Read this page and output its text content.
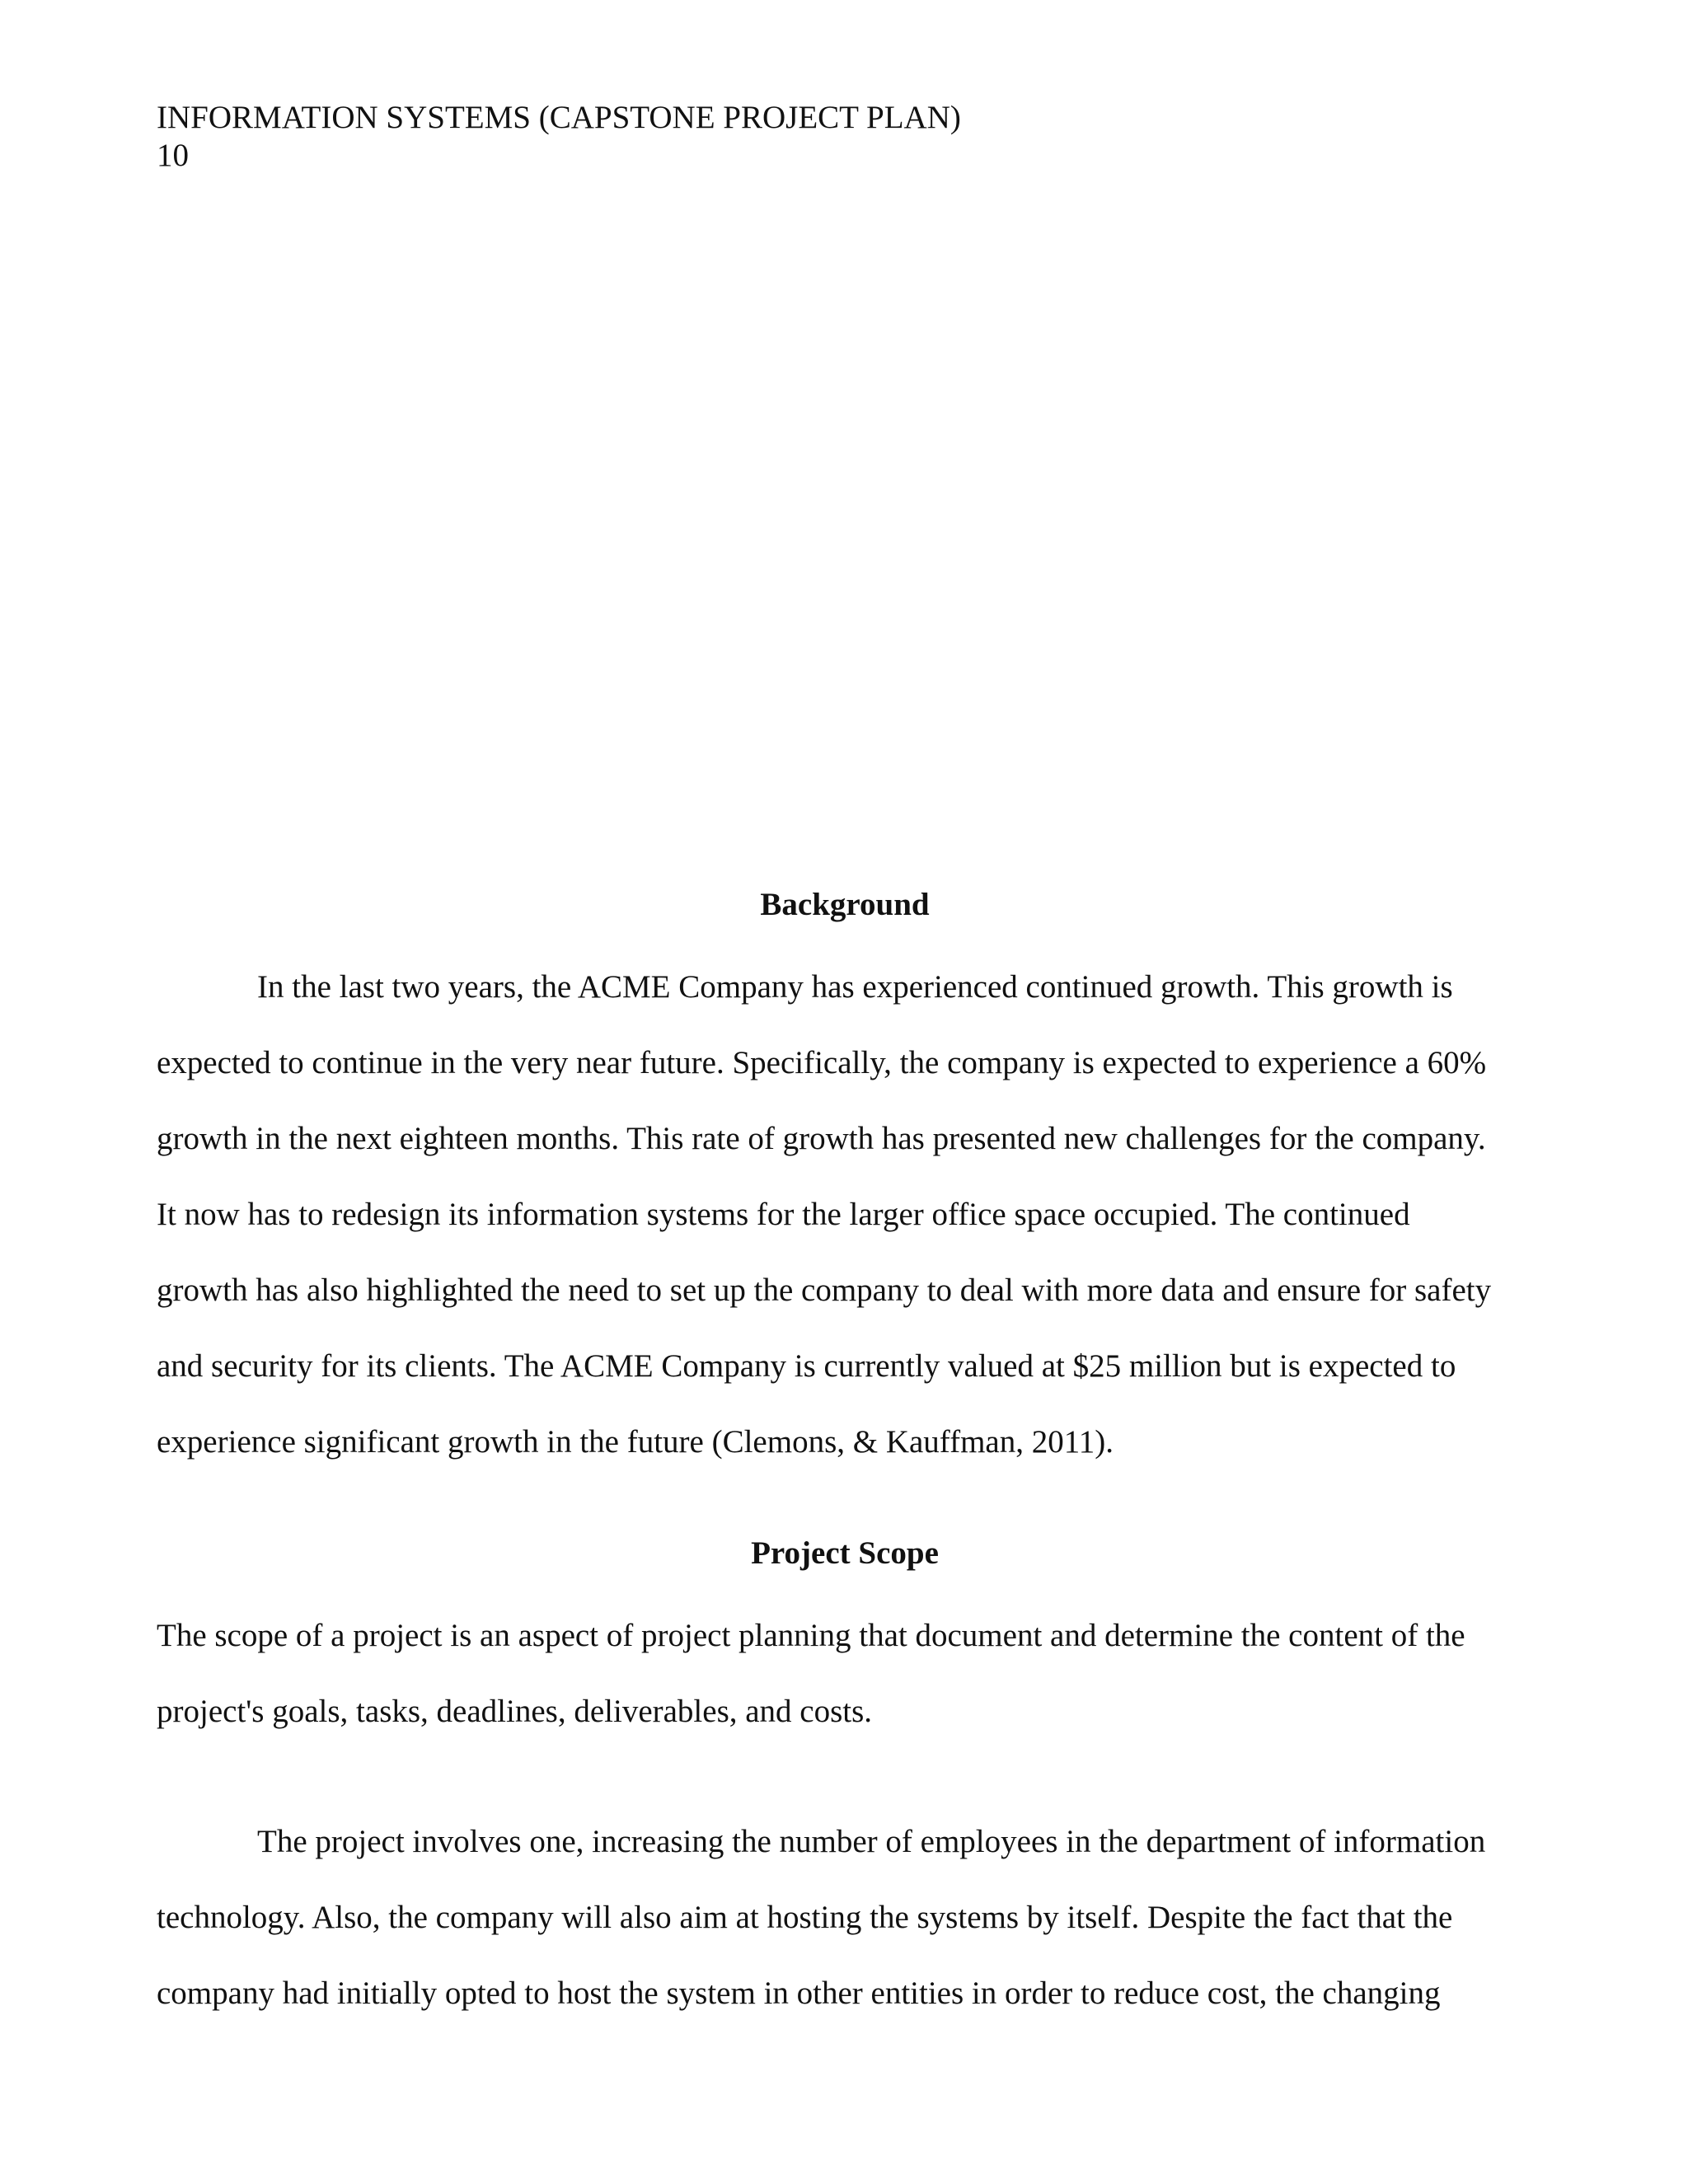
INFORMATION SYSTEMS (CAPSTONE PROJECT PLAN)
10
Background
In the last two years, the ACME Company has experienced continued growth. This growth is
expected to continue in the very near future. Specifically, the company is expected to experience a 60%
growth in the next eighteen months. This rate of growth has presented new challenges for the company.
It now has to redesign its information systems for the larger office space occupied. The continued
growth has also highlighted the need to set up the company to deal with more data and ensure for safety
and security for its clients. The ACME Company is currently valued at $25 million but is expected to
experience significant growth in the future (Clemons, & Kauffman, 2011).
Project Scope
The scope of a project is an aspect of project planning that document and determine the content of the
project's goals, tasks, deadlines, deliverables, and costs.
The project involves one, increasing the number of employees in the department of information
technology. Also, the company will also aim at hosting the systems by itself. Despite the fact that the
company had initially opted to host the system in other entities in order to reduce cost, the changing
